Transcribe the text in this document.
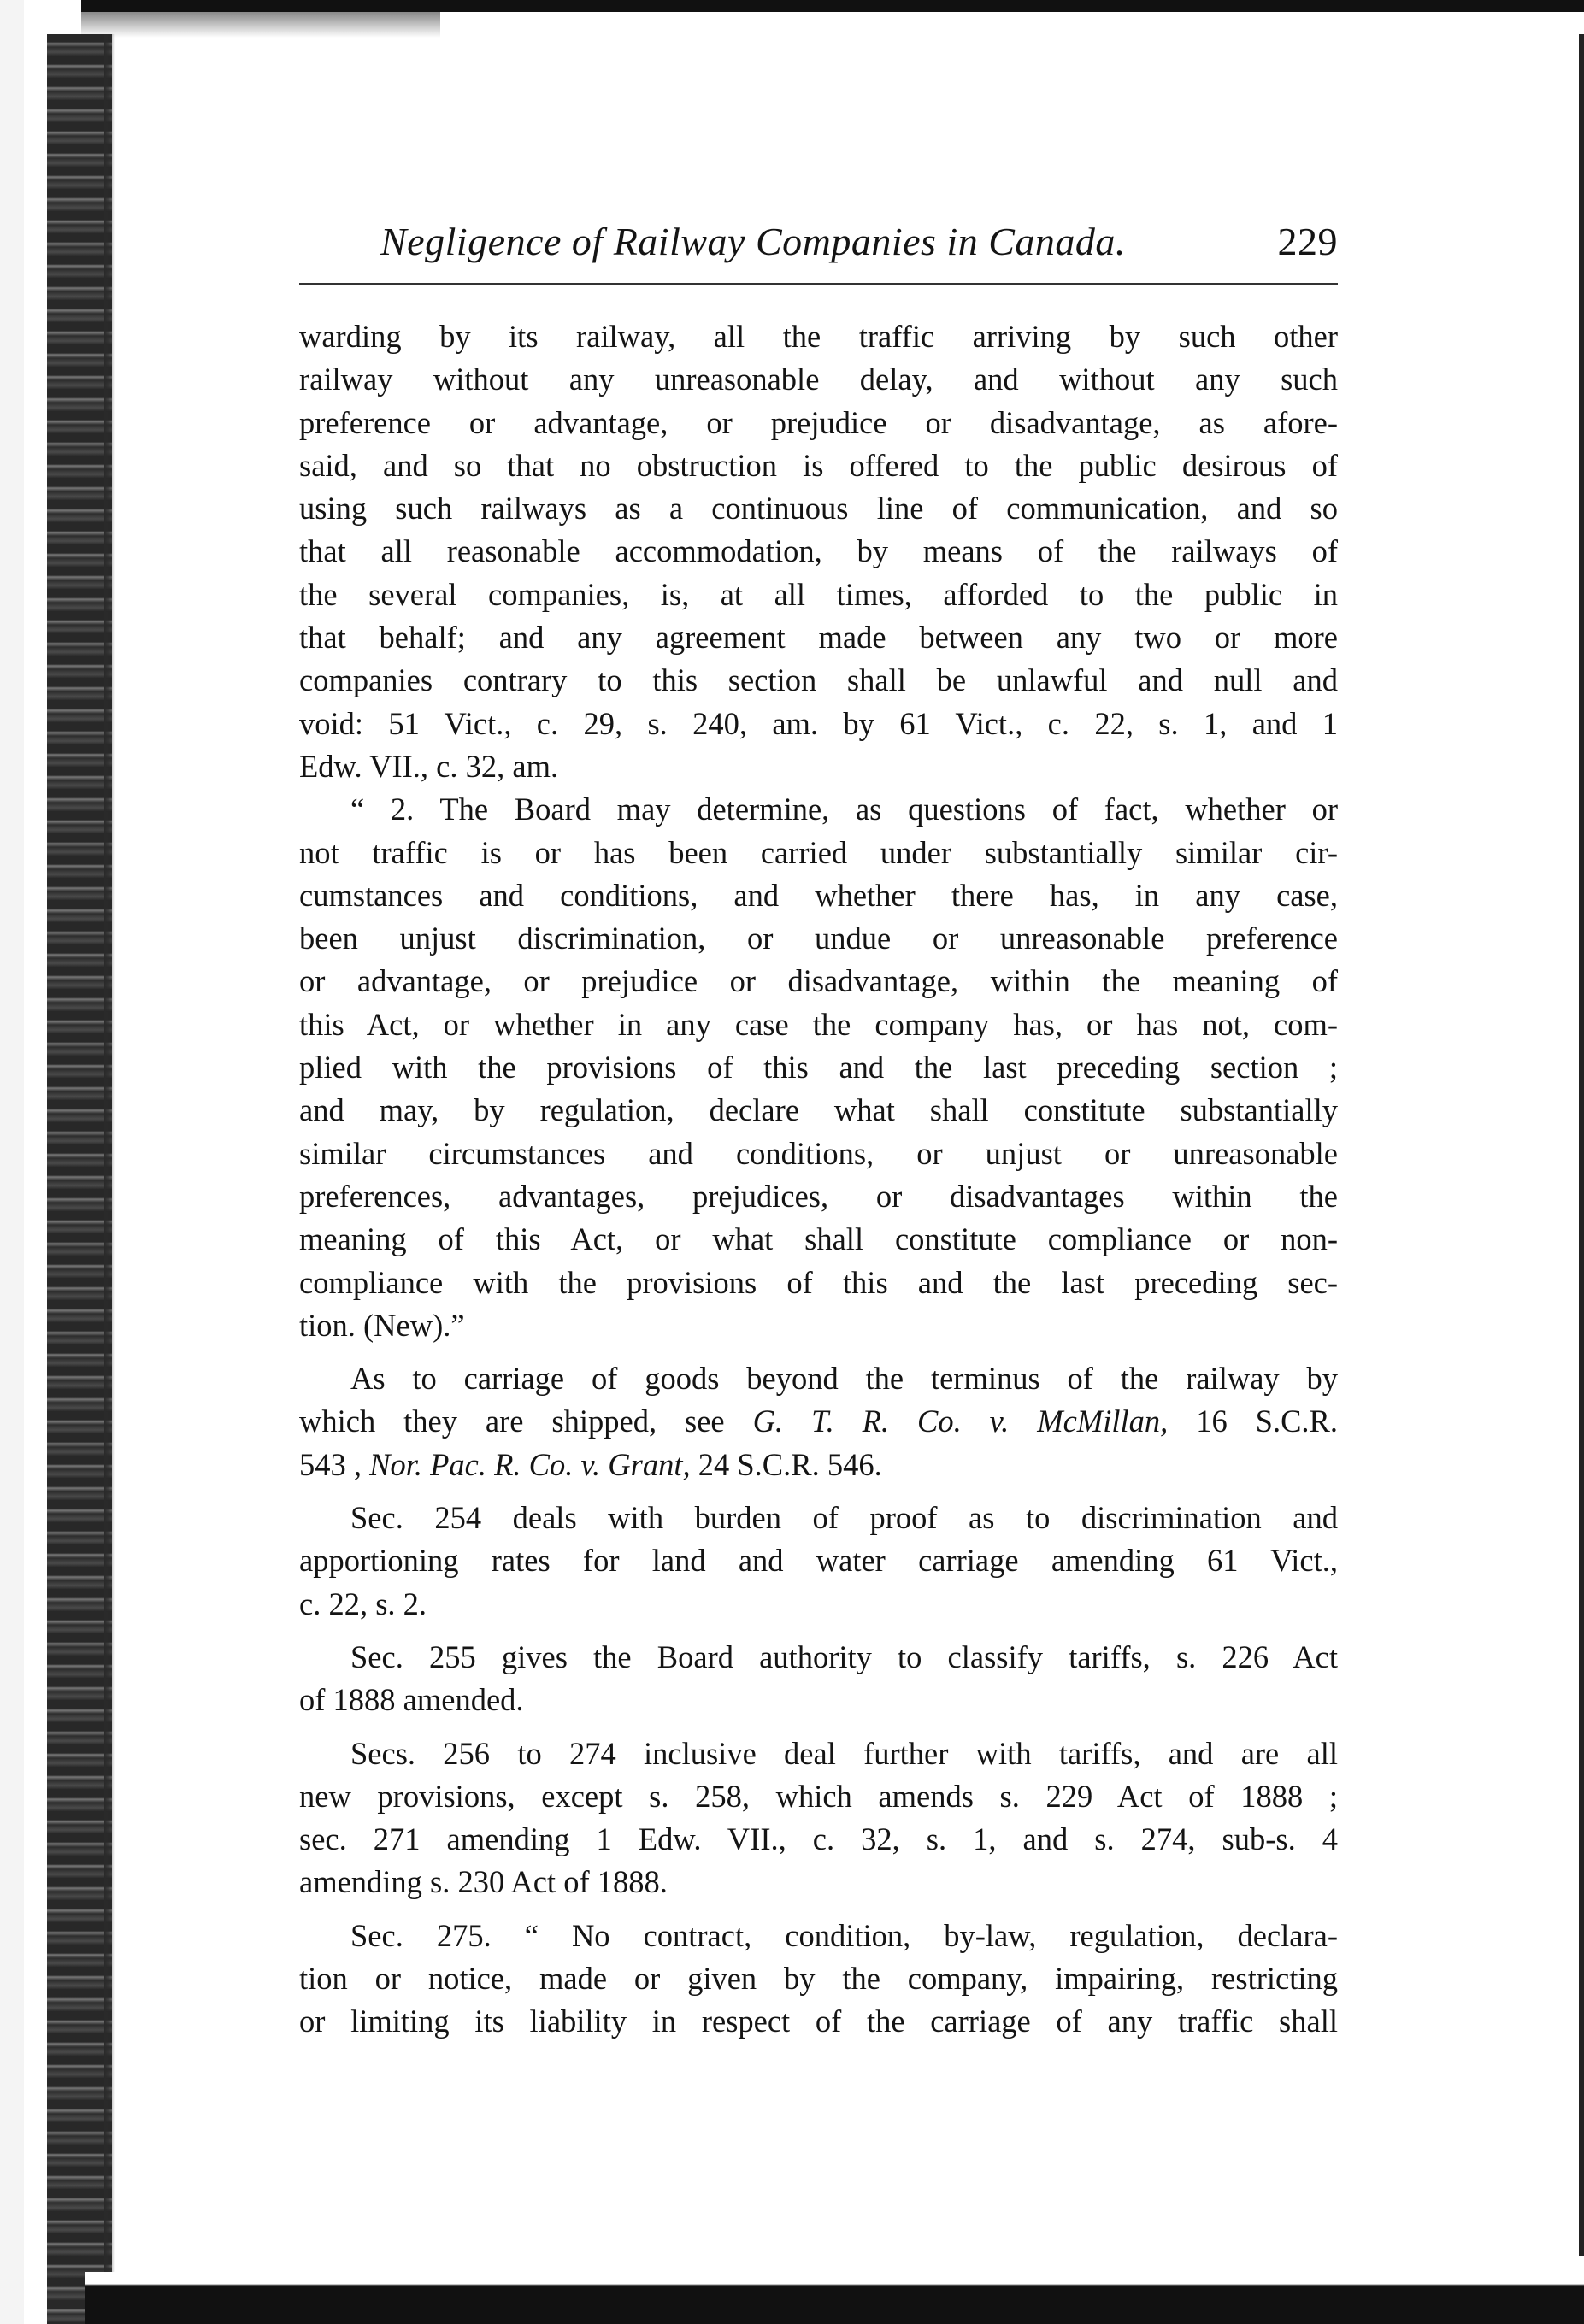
Negligence of Railway Companies in Canada.	229

warding by its railway, all the traffic arriving by such other
railway without any unreasonable delay, and without any such
preference or advantage, or prejudice or disadvantage, as afore-
said, and so that no obstruction is offered to the public desirous of
using such railways as a continuous line of communication, and so
that all reasonable accommodation, by means of the railways of
the several companies, is, at all times, afforded to the public in
that behalf; and any agreement made between any two or more
companies contrary to this section shall be unlawful and null and
void: 51 Vict., c. 29, s. 240, am. by 61 Vict., c. 22, s. 1, and 1
Edw. VII., c. 32, am.

“ 2. The Board may determine, as questions of fact, whether or
not traffic is or has been carried under substantially similar cir-
cumstances and conditions, and whether there has, in any case,
been unjust discrimination, or undue or unreasonable preference
or advantage, or prejudice or disadvantage, within the meaning of
this Act, or whether in any case the company has, or has not, com-
plied with the provisions of this and the last preceding section ;
and may, by regulation, declare what shall constitute substantially
similar circumstances and conditions, or unjust or unreasonable
preferences, advantages, prejudices, or disadvantages within the
meaning of this Act, or what shall constitute compliance or non-
compliance with the provisions of this and the last preceding sec-
tion. (New).”

As to carriage of goods beyond the terminus of the railway by
which they are shipped, see G. T. R. Co. v. McMillan, 16 S.C.R.
543 , Nor. Pac. R. Co. v. Grant, 24 S.C.R. 546.

Sec. 254 deals with burden of proof as to discrimination and
apportioning rates for land and water carriage amending 61 Vict.,
c. 22, s. 2.

Sec. 255 gives the Board authority to classify tariffs, s. 226 Act
of 1888 amended.

Secs. 256 to 274 inclusive deal further with tariffs, and are all
new provisions, except s. 258, which amends s. 229 Act of 1888 ;
sec. 271 amending 1 Edw. VII., c. 32, s. 1, and s. 274, sub-s. 4
amending s. 230 Act of 1888.

Sec. 275. “ No contract, condition, by-law, regulation, declara-
tion or notice, made or given by the company, impairing, restricting
or limiting its liability in respect of the carriage of any traffic shall
